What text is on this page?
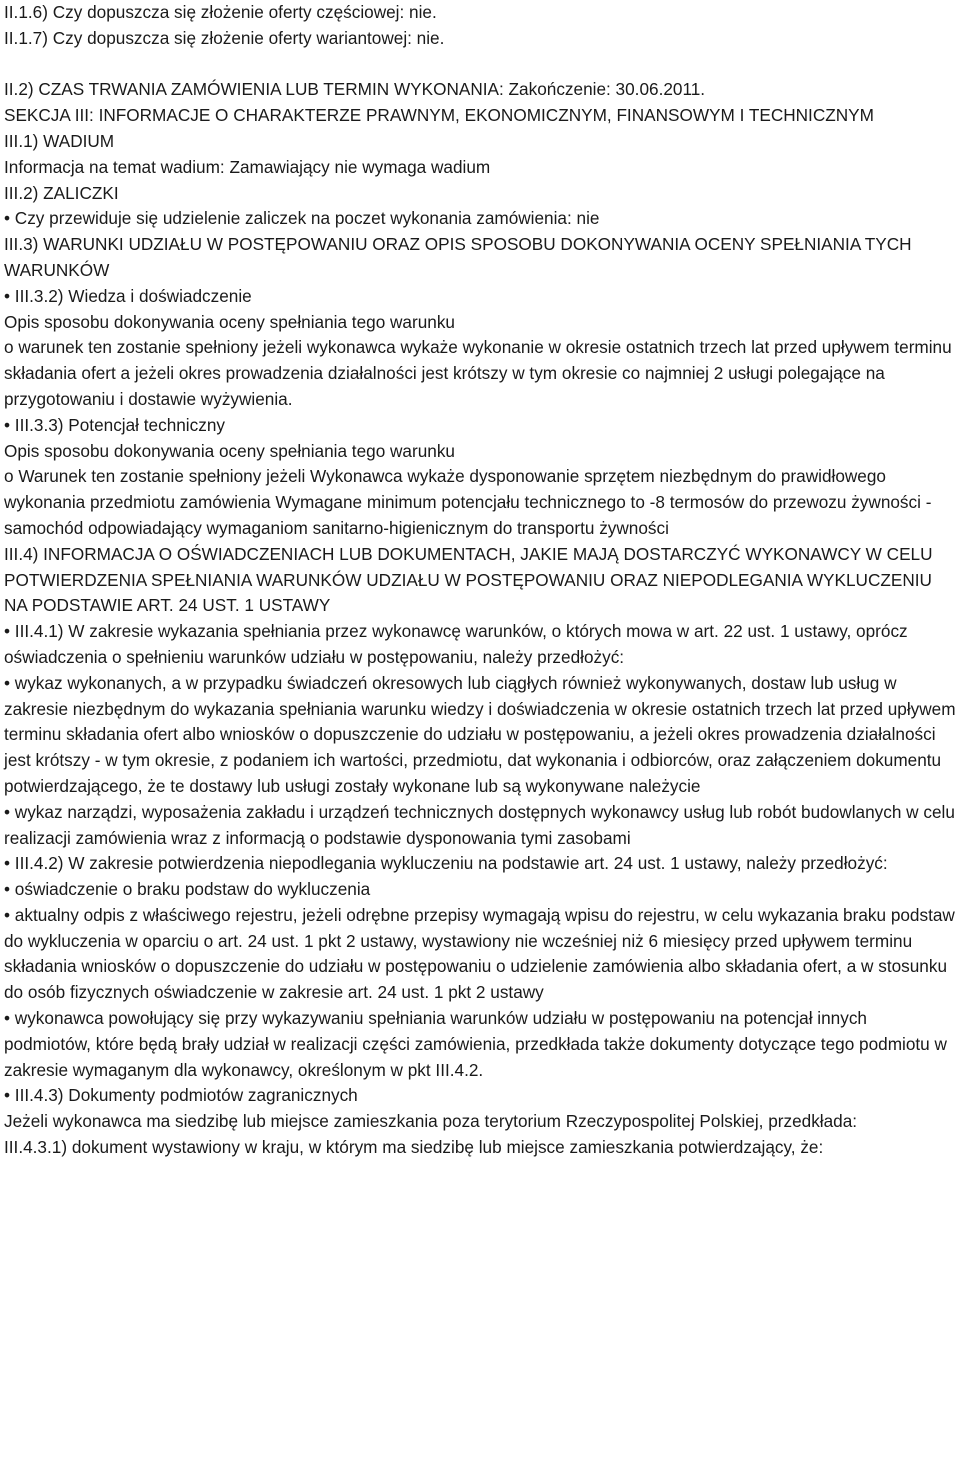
II.1.6) Czy dopuszcza się złożenie oferty częściowej: nie.

II.1.7) Czy dopuszcza się złożenie oferty wariantowej: nie.

II.2) CZAS TRWANIA ZAMÓWIENIA LUB TERMIN WYKONANIA: Zakończenie: 30.06.2011.

SEKCJA III: INFORMACJE O CHARAKTERZE PRAWNYM, EKONOMICZNYM, FINANSOWYM I TECHNICZNYM

III.1) WADIUM

Informacja na temat wadium: Zamawiający nie wymaga wadium

III.2) ZALICZKI

• Czy przewiduje się udzielenie zaliczek na poczet wykonania zamówienia: nie

III.3) WARUNKI UDZIAŁU W POSTĘPOWANIU ORAZ OPIS SPOSOBU DOKONYWANIA OCENY SPEŁNIANIA TYCH WARUNKÓW

• III.3.2) Wiedza i doświadczenie

Opis sposobu dokonywania oceny spełniania tego warunku

o warunek ten zostanie spełniony jeżeli wykonawca wykaże wykonanie w okresie ostatnich trzech lat przed upływem terminu składania ofert a jeżeli okres prowadzenia działalności jest krótszy w tym okresie co najmniej 2 usługi polegające na przygotowaniu i dostawie wyżywienia.

• III.3.3) Potencjał techniczny

Opis sposobu dokonywania oceny spełniania tego warunku

o Warunek ten zostanie spełniony jeżeli Wykonawca wykaże dysponowanie sprzętem niezbędnym do prawidłowego wykonania przedmiotu zamówienia Wymagane minimum potencjału technicznego to -8 termosów do przewozu żywności - samochód odpowiadający wymaganiom sanitarno-higienicznym do transportu żywności

III.4) INFORMACJA O OŚWIADCZENIACH LUB DOKUMENTACH, JAKIE MAJĄ DOSTARCZYĆ WYKONAWCY W CELU POTWIERDZENIA SPEŁNIANIA WARUNKÓW UDZIAŁU W POSTĘPOWANIU ORAZ NIEPODLEGANIA WYKLUCZENIU NA PODSTAWIE ART. 24 UST. 1 USTAWY

• III.4.1) W zakresie wykazania spełniania przez wykonawcę warunków, o których mowa w art. 22 ust. 1 ustawy, oprócz oświadczenia o spełnieniu warunków udziału w postępowaniu, należy przedłożyć:

• wykaz wykonanych, a w przypadku świadczeń okresowych lub ciągłych również wykonywanych, dostaw lub usług w zakresie niezbędnym do wykazania spełniania warunku wiedzy i doświadczenia w okresie ostatnich trzech lat przed upływem terminu składania ofert albo wniosków o dopuszczenie do udziału w postępowaniu, a jeżeli okres prowadzenia działalności jest krótszy - w tym okresie, z podaniem ich wartości, przedmiotu, dat wykonania i odbiorców, oraz załączeniem dokumentu potwierdzającego, że te dostawy lub usługi zostały wykonane lub są wykonywane należycie

• wykaz narządzi, wyposażenia zakładu i urządzeń technicznych dostępnych wykonawcy usług lub robót budowlanych w celu realizacji zamówienia wraz z informacją o podstawie dysponowania tymi zasobami

• III.4.2) W zakresie potwierdzenia niepodlegania wykluczeniu na podstawie art. 24 ust. 1 ustawy, należy przedłożyć:

• oświadczenie o braku podstaw do wykluczenia

• aktualny odpis z właściwego rejestru, jeżeli odrębne przepisy wymagają wpisu do rejestru, w celu wykazania braku podstaw do wykluczenia w oparciu o art. 24 ust. 1 pkt 2 ustawy, wystawiony nie wcześniej niż 6 miesięcy przed upływem terminu składania wniosków o dopuszczenie do udziału w postępowaniu o udzielenie zamówienia albo składania ofert, a w stosunku do osób fizycznych oświadczenie w zakresie art. 24 ust. 1 pkt 2 ustawy

• wykonawca powołujący się przy wykazywaniu spełniania warunków udziału w postępowaniu na potencjał innych podmiotów, które będą brały udział w realizacji części zamówienia, przedkłada także dokumenty dotyczące tego podmiotu w zakresie wymaganym dla wykonawcy, określonym w pkt III.4.2.

• III.4.3) Dokumenty podmiotów zagranicznych

Jeżeli wykonawca ma siedzibę lub miejsce zamieszkania poza terytorium Rzeczypospolitej Polskiej, przedkłada:

III.4.3.1) dokument wystawiony w kraju, w którym ma siedzibę lub miejsce zamieszkania potwierdzający, że:
